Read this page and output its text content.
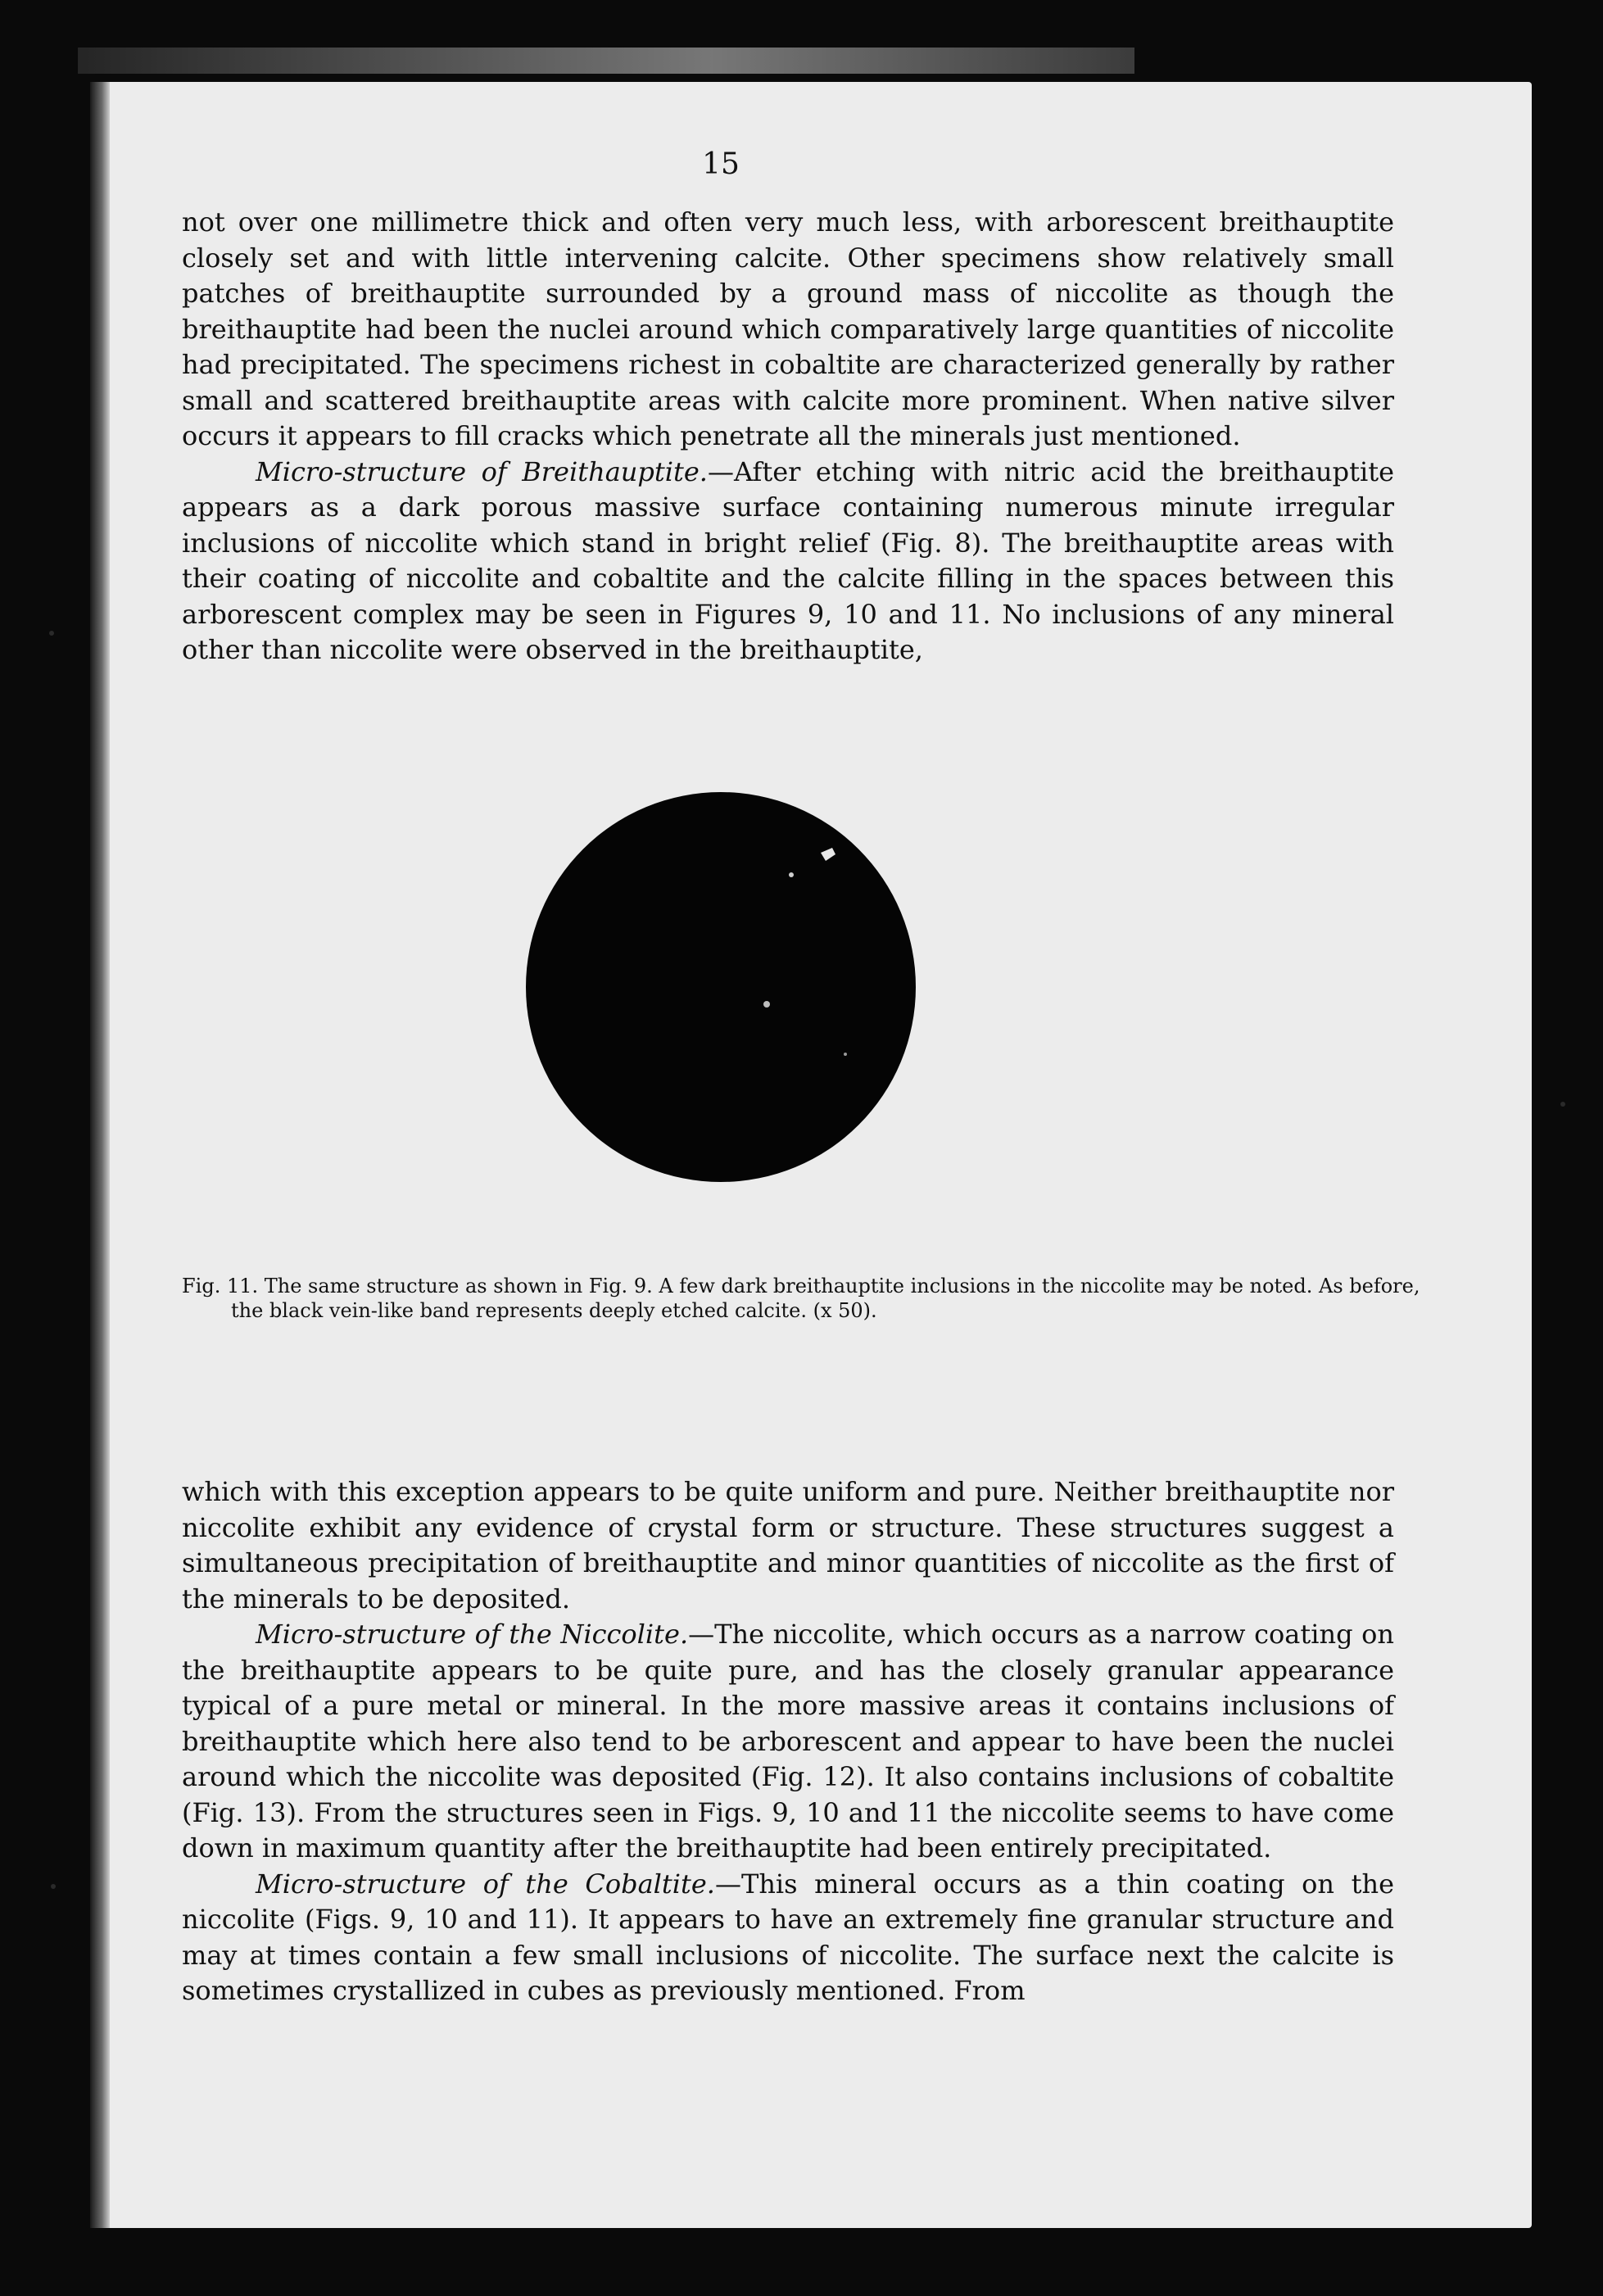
15

not over one millimetre thick and often very much less, with arborescent breithauptite closely set and with little intervening calcite. Other specimens show relatively small patches of breithauptite surrounded by a ground mass of niccolite as though the breithauptite had been the nuclei around which comparatively large quantities of niccolite had precipitated. The specimens richest in cobaltite are characterized generally by rather small and scattered breithauptite areas with calcite more prominent. When native silver occurs it appears to fill cracks which penetrate all the minerals just mentioned.

Micro-structure of Breithauptite.—After etching with nitric acid the breithauptite appears as a dark porous massive surface containing numerous minute irregular inclusions of niccolite which stand in bright relief (Fig. 8). The breithauptite areas with their coating of niccolite and cobaltite and the calcite filling in the spaces between this arborescent complex may be seen in Figures 9, 10 and 11. No inclusions of any mineral other than niccolite were observed in the breithauptite,

Fig. 11. The same structure as shown in Fig. 9. A few dark breithauptite inclusions in the niccolite may be noted. As before, the black vein-like band represents deeply etched calcite. (x 50).

which with this exception appears to be quite uniform and pure. Neither breithauptite nor niccolite exhibit any evidence of crystal form or structure. These structures suggest a simultaneous precipitation of breithauptite and minor quantities of niccolite as the first of the minerals to be deposited.

Micro-structure of the Niccolite.—The niccolite, which occurs as a narrow coating on the breithauptite appears to be quite pure, and has the closely granular appearance typical of a pure metal or mineral. In the more massive areas it contains inclusions of breithauptite which here also tend to be arborescent and appear to have been the nuclei around which the niccolite was deposited (Fig. 12). It also contains inclusions of cobaltite (Fig. 13). From the structures seen in Figs. 9, 10 and 11 the niccolite seems to have come down in maximum quantity after the breithauptite had been entirely precipitated.

Micro-structure of the Cobaltite.—This mineral occurs as a thin coating on the niccolite (Figs. 9, 10 and 11). It appears to have an extremely fine granular structure and may at times contain a few small inclusions of niccolite. The surface next the calcite is sometimes crystallized in cubes as previously mentioned. From
